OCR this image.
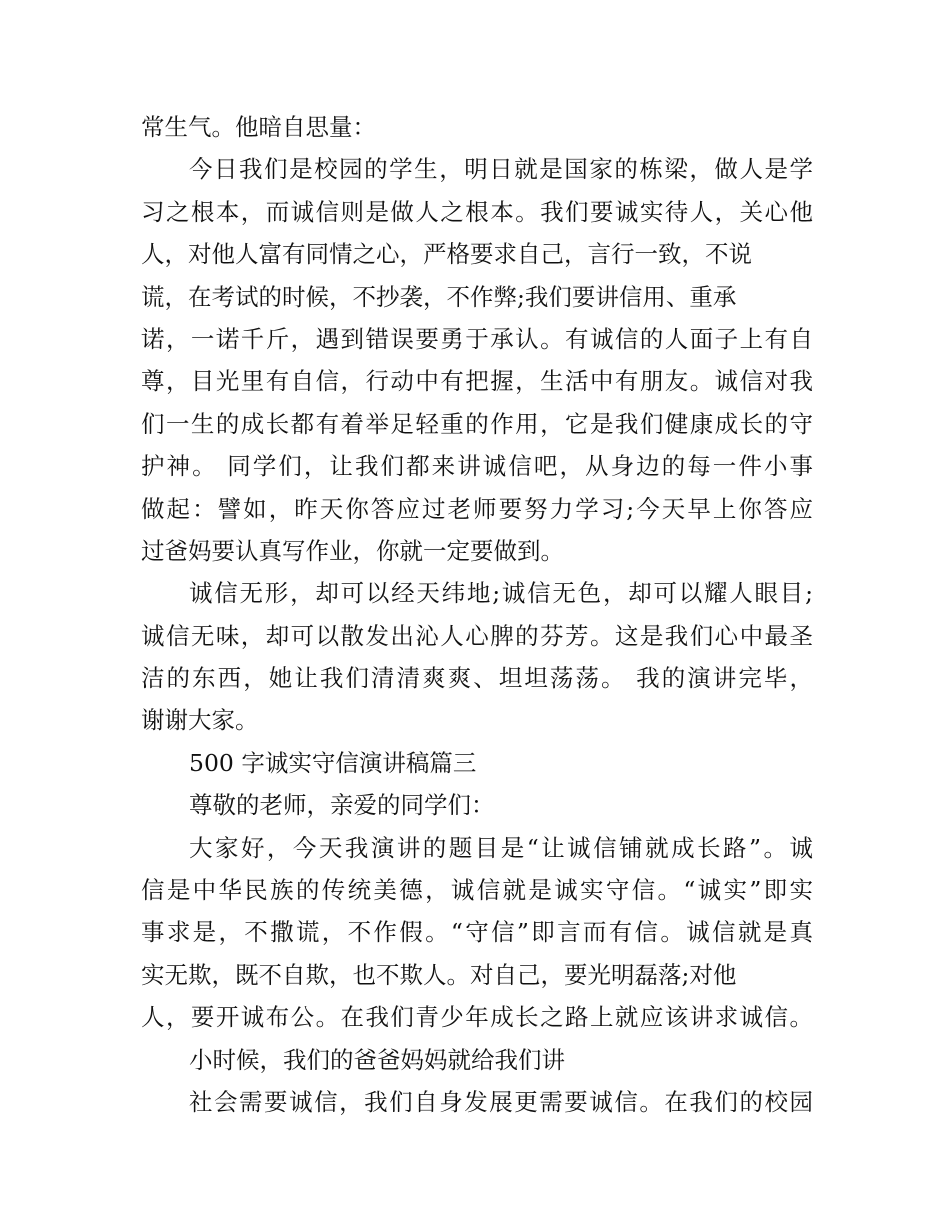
常生气。他暗自思量：
今日我们是校园的学生，明日就是国家的栋梁，做人是学
习之根本，而诚信则是做人之根本。我们要诚实待人，关心他
人，对他人富有同情之心，严格要求自己，言行一致，不说
谎，在考试的时候，不抄袭，不作弊;我们要讲信用、重承
诺，一诺千斤，遇到错误要勇于承认。有诚信的人面子上有自
尊，目光里有自信，行动中有把握，生活中有朋友。诚信对我
们一生的成长都有着举足轻重的作用，它是我们健康成长的守
护神。 同学们，让我们都来讲诚信吧，从身边的每一件小事
做起：譬如，昨天你答应过老师要努力学习;今天早上你答应
过爸妈要认真写作业，你就一定要做到。
诚信无形，却可以经天纬地;诚信无色，却可以耀人眼目;
诚信无味，却可以散发出沁人心脾的芬芳。这是我们心中最圣
洁的东西，她让我们清清爽爽、坦坦荡荡。 我的演讲完毕，
谢谢大家。
500 字诚实守信演讲稿篇三
尊敬的老师，亲爱的同学们：
大家好，今天我演讲的题目是“让诚信铺就成长路”。诚
信是中华民族的传统美德，诚信就是诚实守信。“诚实”即实
事求是，不撒谎，不作假。“守信”即言而有信。诚信就是真
实无欺，既不自欺，也不欺人。对自己，要光明磊落;对他
人，要开诚布公。在我们青少年成长之路上就应该讲求诚信。
小时候，我们的爸爸妈妈就给我们讲
社会需要诚信，我们自身发展更需要诚信。在我们的校园
